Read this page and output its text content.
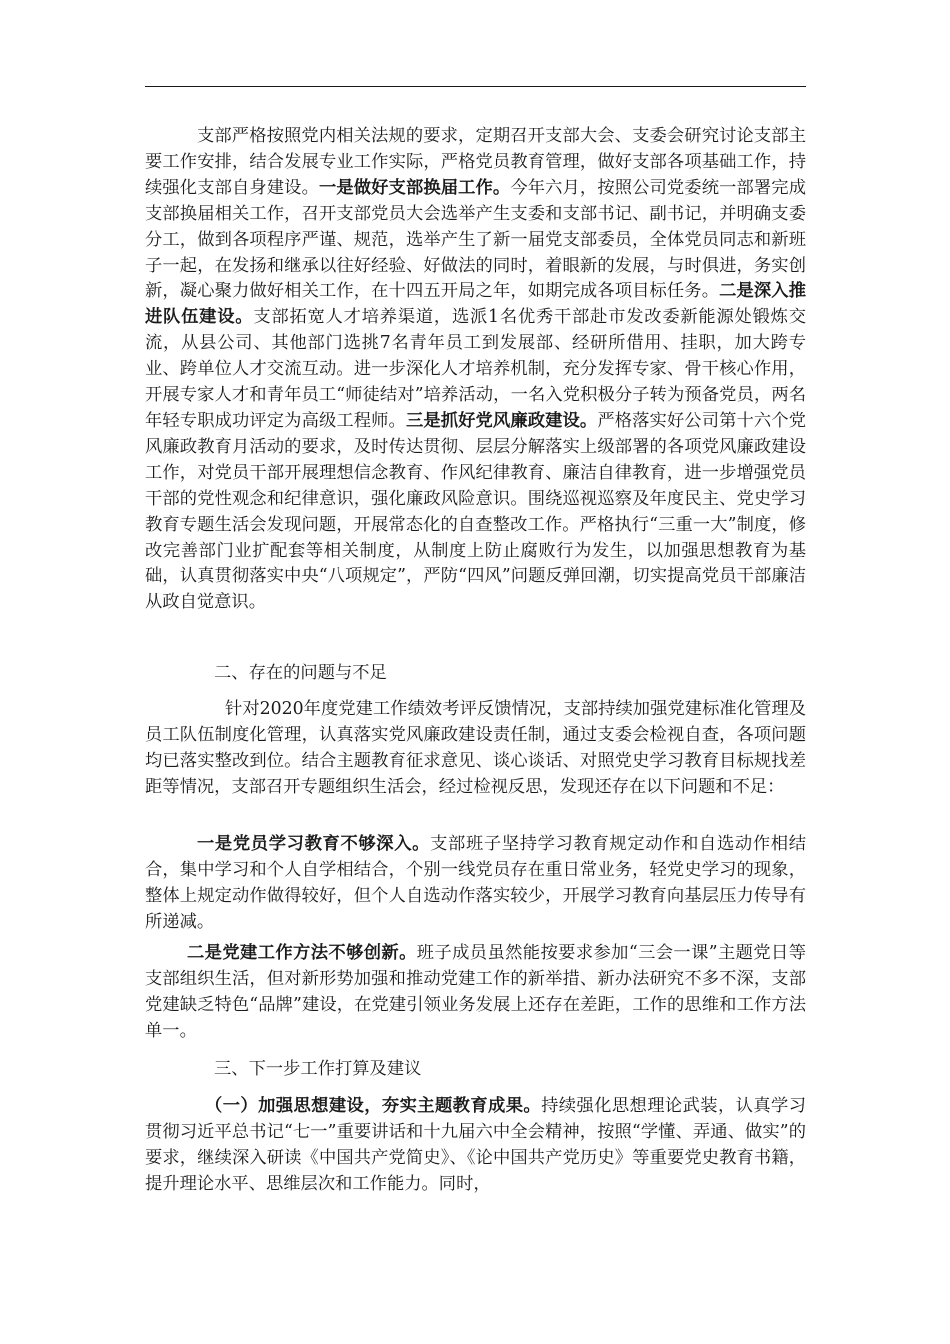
支部严格按照党内相关法规的要求，定期召开支部大会、支委会研究讨论支部主要工作安排，结合发展专业工作实际，严格党员教育管理，做好支部各项基础工作，持续强化支部自身建设。一是做好支部换届工作。今年六月，按照公司党委统一部署完成支部换届相关工作，召开支部党员大会选举产生支委和支部书记、副书记，并明确支委分工，做到各项程序严谨、规范，选举产生了新一届党支部委员，全体党员同志和新班子一起，在发扬和继承以往好经验、好做法的同时，着眼新的发展，与时俱进，务实创新，凝心聚力做好相关工作，在十四五开局之年，如期完成各项目标任务。二是深入推进队伍建设。支部拓宽人才培养渠道，选派1名优秀干部赴市发改委新能源处锻炼交流，从县公司、其他部门选挑7名青年员工到发展部、经研所借用、挂职，加大跨专业、跨单位人才交流互动。进一步深化人才培养机制，充分发挥专家、骨干核心作用，开展专家人才和青年员工“师徒结对”培养活动，一名入党积极分子转为预备党员，两名年轻专职成功评定为高级工程师。三是抓好党风廉政建设。严格落实好公司第十六个党风廉政教育月活动的要求，及时传达贯彻、层层分解落实上级部署的各项党风廉政建设工作，对党员干部开展理想信念教育、作风纪律教育、廉洁自律教育，进一步增强党员干部的党性观念和纪律意识，强化廉政风险意识。围绕巡视巡察及年度民主、党史学习教育专题生活会发现问题，开展常态化的自查整改工作。严格执行“三重一大”制度，修改完善部门业扩配套等相关制度，从制度上防止腐败行为发生，以加强思想教育为基础，认真贯彻落实中央“八项规定”，严防“四风”问题反弹回潮，切实提高党员干部廉洁从政自觉意识。

二、存在的问题与不足

针对2020年度党建工作绩效考评反馈情况，支部持续加强党建标准化管理及员工队伍制度化管理，认真落实党风廉政建设责任制，通过支委会检视自查，各项问题均已落实整改到位。结合主题教育征求意见、谈心谈话、对照党史学习教育目标规找差距等情况，支部召开专题组织生活会，经过检视反思，发现还存在以下问题和不足：

一是党员学习教育不够深入。支部班子坚持学习教育规定动作和自选动作相结合，集中学习和个人自学相结合，个别一线党员存在重日常业务，轻党史学习的现象，整体上规定动作做得较好，但个人自选动作落实较少，开展学习教育向基层压力传导有所递减。

二是党建工作方法不够创新。班子成员虽然能按要求参加“三会一课”主题党日等支部组织生活，但对新形势加强和推动党建工作的新举措、新办法研究不多不深，支部党建缺乏特色“品牌”建设，在党建引领业务发展上还存在差距，工作的思维和工作方法单一。

三、下一步工作打算及建议

（一）加强思想建设，夯实主题教育成果。持续强化思想理论武装，认真学习贯彻习近平总书记“七一”重要讲话和十九届六中全会精神，按照“学懂、弄通、做实”的要求，继续深入研读《中国共产党简史》、《论中国共产党历史》等重要党史教育书籍，提升理论水平、思维层次和工作能力。同时，
